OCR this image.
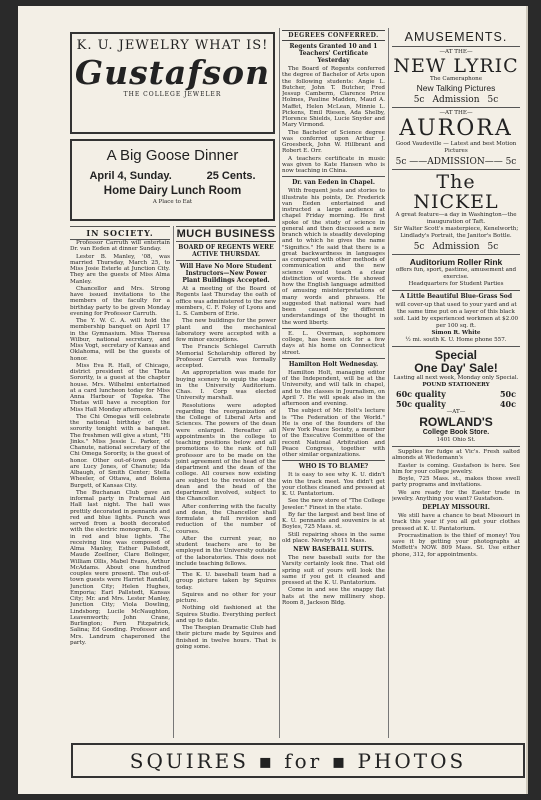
K. U. JEWELRY WHAT IS!
Gustafson
THE COLLEGE JEWELER
A Big Goose Dinner
April 4, Sunday.	25 Cents.
Home Dairy Lunch Room
A Place to Eat
IN SOCIETY.

Professor Carruth will entertain Dr. van Eeden at dinner Sunday.

Lester B. Manley, '08, was married Thursday, March 25, to Miss Josie Esterle at Junction City. They are the guests of Miss Alma Manley.

Chancellor and Mrs. Strong have issued invitations to the members of the faculty for a birthday party to be given Monday evening for Professor Carruth.

The Y. W. C. A. will hold the membership banquet on April 17 in the Gymnasium. Miss Theresa Wilbur, national secretary, and Miss Vogt, secretary of Kansas and Oklahoma, will be the guests of honor.

Miss Eva R. Hall, of Chicago, district president of the Theta Sorority, is a guest at the chapter house. Mrs. Wilhelmi entertained at a card luncheon today for Miss Anna Harbour of Topeka. The Thetas will have a reception for Miss Hall Monday afternoon.

The Chi Omegas will celebrate the national birthday of the sorority tonight with a banquet. The freshmen will give a stunt, "Hi Jinks." Miss Jessie L. Parker, of Chanute, national secretary of the Chi Omega Sorority, is the guest of honor. Other out-of-town guests are Lucy Jones, of Chanute; Ida Albaugh, of Smith Center; Stella Wheeler, of Ottawa, and Bolena Burgett, of Kansas City.

The Buchanan Club gave an informal party in Fraternal Aid Hall last night. The hall was prettily decorated in pennants and red and blue lights. Punch was served from a booth decorated with the electric monogram, B. C., in red and blue lights. The receiving line was composed of Alma Manley, Esther Pallstedt, Maude Zoellner, Clare Bolinger, William Ollis, Mabel Evans, Arthur McAdams. About one hundred couples were present. The out-of-town guests were Harriet Randall, Junction City; Helen Hughes, Emporia; Earl Pallstedt, Kansas City; Mr. and Mrs. Lester Manley, Junction City; Viola Dowling, Lindsborg; Lucile McNaughton, Leavenworth; John Crane, Burlington; Fern Fitzpatrick, Salina; Ed Gooding. Professor and Mrs. Landrum chaperoned the party.

MUCH BUSINESS
BOARD OF REGENTS WERE ACTIVE THURSDAY.
Will Have No More Student Instructors—New Power Plant Buildings Accepted.

At a meeting of the Board of Regents last Thursday the oath of office was administered to the new members, C. F. Foley of Lyons and L. S. Cambern of Erie.

The new buildings for the power plant and the mechanical laboratory were accepted with a few minor exceptions.

The Francis Schlegel Carruth Memorial Scholarship offered by Professor Carruth was formally accepted.

An appropriation was made for buying scenery to equip the stage in the University Auditorium. Chas. I. Corp was elected University marshall.

Resolutions were adopted regarding the reorganization of the College of Liberal Arts and Sciences. The powers of the dean were enlarged. Hereafter all appointments in the college to teaching positions below and all promotions to the rank of full professor are to be made on the joint agreement of the head of the department and the dean of the college. All courses now existing are subject to the revision of the dean and the head of the department involved, subject to the Chancellor.

After conferring with the faculty and dean, the Chancellor shall formulate a full revision and reduction of the number of courses.

After the current year, no student teachers are to be employed in the University outside of the laboratories. This does not include teaching fellows.

The K. U. baseball team had a group picture taken by Squires today.

Squires and no other for your picture.

Nothing old fashioned at the Squires Studio. Everything perfect and up to date.

The Thespian Dramatic Club had their picture made by Squires and finished in twelve hours. That is going some.

DEGREES CONFERRED.
Regents Granted 10 and 1 Teachers' Certificate Yesterday

The Board of Regents conferred the degree of Bachelor of Arts upon the following students: Angie L. Butcher, John T. Butcher, Fred Jessup Camberm, Clarence Price Holmes, Pauline Madden, Maud A. Maffet, Helen McLean, Minnie L. Pickens, Emil Riesen, Ada Shelby, Florence Shields, Lucie Snyder and Mary Virmond.

The Bachelor of Science degree was conferred upon Arthur J. Groesbeck, John W. Hillbrant and Robert E. Orr.

A teachers certificate in music was given to Kate Hansen who is now teaching in China.

Dr. van Eeden in Chapel.

With frequent jests and stories to illustrate his points, Dr. Frederick van Eeden entertained and instructed a large audience at chapel Friday morning. He first spoke of the study of science in general and then discussed a new branch which is steadily developing and to which he gives the name "Significs." He said that there is a great backwardness in languages as compared with other methods of communication and the new science would teach a clear distinction of words. He showed how the English language admitted of amusing misinterpretations of many words and phrases. He suggested that national wars had been caused by different understandings of the thought in the word liberty.

E. L. Overman, sophomore college, has been sick for a few days at his home on Connecticut street.

Hamilton Holt Wednesday.

Hamilton Holt, managing editor of the Independent, will be at the University, and will talk in chapel, and to the classes in Journalism, on April 7. He will speak also in the afternoon and evening.

The subject of Mr. Holt's lecture is "The Federation of the World." He is one of the founders of the New York Peace Society, a member of the Executive Committee of the recent National Arbitration and Peace Congress, together with other similar organizations.

WHO IS TO BLAME?

It is easy to see why K. U. didn't win the track meet. You didn't get your clothes cleaned and pressed at K. U. Pantatorium.

See the new store of "The College Jeweler." Finest in the state.

By far the largest and best line of K. U. pennants and souvenirs is at Boyles, 725 Mass. st.

Still repairing shoes in the same old place. Newby's 911 Mass.

NEW BASEBALL SUITS.

The new baseball suits for the Varsity certainly look fine. That old spring suit of yours will look the same if you get it cleaned and pressed at the K. U. Pantatorium.

Come in and see the snappy flat hats at the new millinery shop. Room 8, Jackson Bldg.

AMUSEMENTS.
—AT THE—
NEW LYRIC
The Cameraphone
New Talking Pictures
5c Admission 5c
—AT THE—
AURORA
Good Vaudeville — Latest and best Motion Pictures
5c ——ADMISSION—— 5c
The NICKEL
A great feature—a day in Washington—the inauguration of Taft.
Sir Walter Scott's masterpiece, Kenelworth; Lindlady's Portrait, the Janitor's Bottle.
5c Admission 5c
Auditorium Roller Rink
offers fun, sport, pastime, amusement and exercise.
Headquarters for Student Parties
A Little Beautiful Blue-Grass Sod
will cover-up that used to your yard and at the same time put on a layer of this black soil. Laid by experienced workmen at $2.00 per 100 sq. ft.
Simon R. White
½ mi. south K. U. Home phone 557.
Special
One Day' Sale!
Lasting all next week, Monday only Special.
POUND STATIONERY
60c quality	50c
50c quality	40c
—AT—
ROWLAND'S
College Book Store.
1401 Ohio St.

Supplies for fudge at Vic's. Fresh salted almonds at Wiedemann's

Easter is coming. Gustafson is here. See him for your college jewelry.

Boyle, 725 Mass. st., makes those swell party programs and invitations.

We are ready for the Easter trade in jewelry. Anything you want? Gustafson.

DEPLAY MISSOURI.

We still have a chance to beat Missouri in track this year if you all get your clothes pressed at K. U. Pantatorium.

Procrastination is the thief of money! You save it by getting your photographs at Moffett's NOW. 809 Mass. St. Use either phone, 312, for appointments.

SQUIRES ▪ for ▪ PHOTOS
